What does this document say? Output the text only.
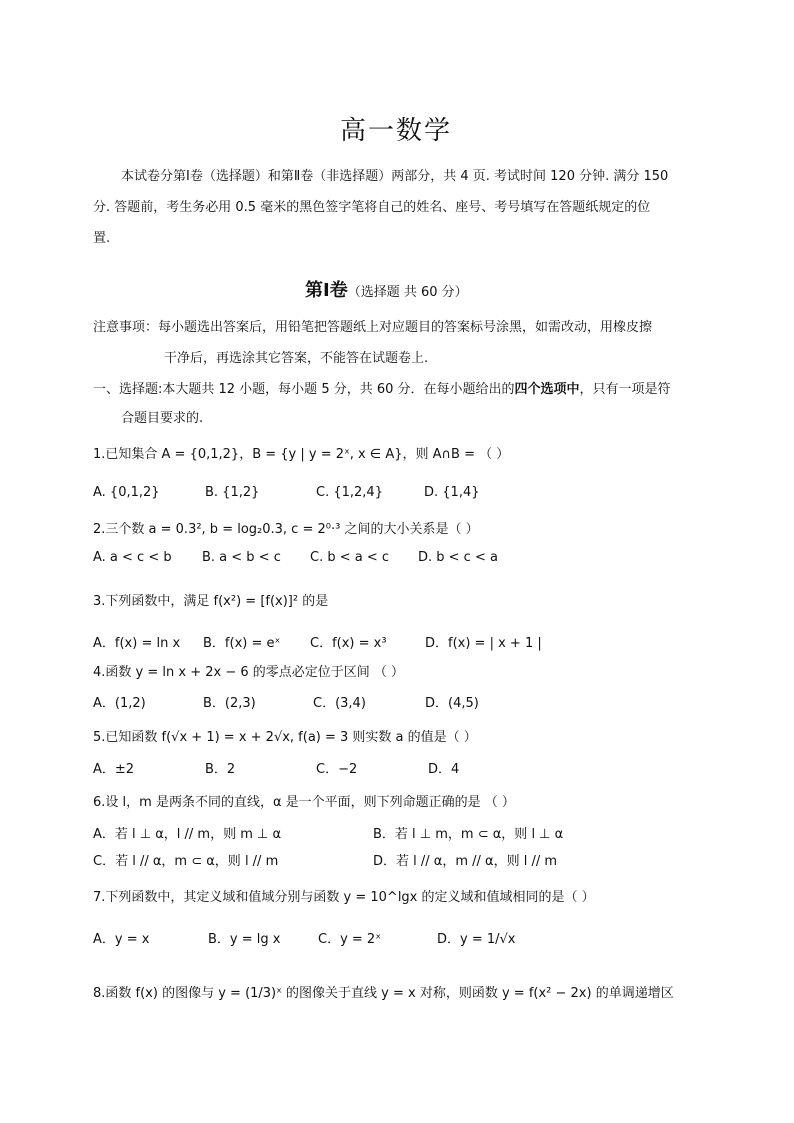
高一数学
本试卷分第Ⅰ卷（选择题）和第Ⅱ卷（非选择题）两部分，共 4 页. 考试时间 120 分钟. 满分 150
分. 答题前，考生务必用 0.5 毫米的黑色签字笔将自己的姓名、座号、考号填写在答题纸规定的位
置.
第Ⅰ卷（选择题 共 60 分）
注意事项：每小题选出答案后，用铅笔把答题纸上对应题目的答案标号涂黑，如需改动，用橡皮擦
干净后，再选涂其它答案，不能答在试题卷上.
一、选择题:本大题共 12 小题，每小题 5 分，共 60 分．在每小题给出的四个选项中，只有一项是符
合题目要求的.
1.已知集合 A = {0,1,2}，B = {y | y = 2ˣ, x ∈ A}，则 A∩B = （ ）
A. {0,1,2}	B. {1,2}	C. {1,2,4}	D. {1,4}
2.三个数 a = 0.3², b = log₂0.3, c = 2⁰·³ 之间的大小关系是（ ）
A. a < c < b B. a < b < c C. b < a < c D. b < c < a
3.下列函数中，满足 f(x²) = [f(x)]² 的是
A．f(x) = ln x B．f(x) = eˣ C．f(x) = x³	D．f(x) = | x + 1 |
4.函数 y = ln x + 2x − 6 的零点必定位于区间 （ ）
A．(1,2)	B．(2,3)	C．(3,4)	D．(4,5)
5.已知函数 f(√x + 1) = x + 2√x, f(a) = 3 则实数 a 的值是（ ）
A．±2	B．2	C．−2	D．4
6.设 l，m 是两条不同的直线，α 是一个平面，则下列命题正确的是 （ ）
A．若 l ⊥ α，l // m，则 m ⊥ α	B．若 l ⊥ m，m ⊂ α，则 l ⊥ α
C．若 l // α，m ⊂ α，则 l // m	D．若 l // α，m // α，则 l // m
7.下列函数中，其定义域和值域分别与函数 y = 10^lgx 的定义域和值域相同的是（ ）
A．y = x	B．y = lg x	C．y = 2ˣ	D．y = 1/√x
8.函数 f(x) 的图像与 y = (1/3)ˣ 的图像关于直线 y = x 对称，则函数 y = f(x² − 2x) 的单调递增区
